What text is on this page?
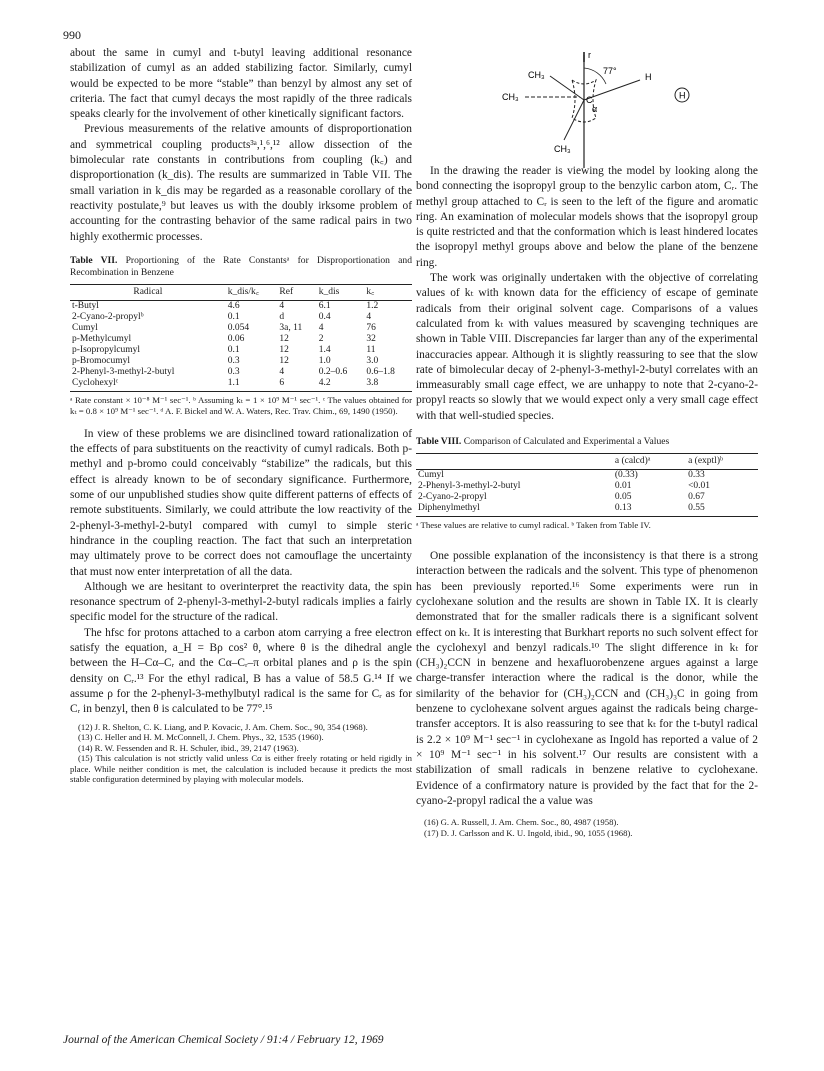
990

about the same in cumyl and t-butyl leaving additional resonance stabilization of cumyl as an added stabilizing factor. Similarly, cumyl would be expected to be more “stable” than benzyl by almost any set of criteria. The fact that cumyl decays the most rapidly of the three radicals speaks clearly for the involvement of other kinetically significant factors.

Previous measurements of the relative amounts of disproportionation and symmetrical coupling products³ᵃ,¹,⁶,¹² allow dissection of the bimolecular rate constants in contributions from coupling (k꜀) and disproportionation (k_dis). The results are summarized in Table VII. The small variation in k_dis may be regarded as a reasonable corollary of the reactivity postulate,⁹ but leaves us with the doubly irksome problem of accounting for the contrasting behavior of the same radical pairs in two highly exothermic processes.

Table VII. Proportioning of the Rate Constantsᵃ for Disproportionation and Recombination in Benzene
Radical	k_dis/k꜀	Ref	k_dis	k꜀
t-Butyl	4.6	4	6.1	1.2
2-Cyano-2-propylᵇ	0.1	d	0.4	4
Cumyl	0.054	3a, 11	4	76
p-Methylcumyl	0.06	12	2	32
p-Isopropylcumyl	0.1	12	1.4	11
p-Bromocumyl	0.3	12	1.0	3.0
2-Phenyl-3-methyl-2-butyl	0.3	4	0.2–0.6	0.6–1.8
Cyclohexylᶜ	1.1	6	4.2	3.8
ᵃ Rate constant × 10⁻⁸ M⁻¹ sec⁻¹. ᵇ Assuming kₜ = 1 × 10⁹ M⁻¹ sec⁻¹. ᶜ The values obtained for kₜ = 0.8 × 10⁹ M⁻¹ sec⁻¹. ᵈ A. F. Bickel and W. A. Waters, Rec. Trav. Chim., 69, 1490 (1950).

In view of these problems we are disinclined toward rationalization of the effects of para substituents on the reactivity of cumyl radicals. Both p-methyl and p-bromo could conceivably “stabilize” the radicals, but this effect is already known to be of secondary significance. Furthermore, some of our unpublished studies show quite different patterns of effects of remote substituents. Similarly, we could attribute the low reactivity of the 2-phenyl-3-methyl-2-butyl compared with cumyl to simple steric hindrance in the coupling reaction. The fact that such an interpretation may ultimately prove to be correct does not camouflage the uncertainty that must now enter interpretation of all the data.

Although we are hesitant to overinterpret the reactivity data, the spin resonance spectrum of 2-phenyl-3-methyl-2-butyl radicals implies a fairly specific model for the structure of the radical.

The hfsc for protons attached to a carbon atom carrying a free electron satisfy the equation, a_H = Bρ cos² θ, where θ is the dihedral angle between the H–Cα–Cᵣ and the Cα–Cᵣ–π orbital planes and ρ is the spin density on Cᵣ.¹³ For the ethyl radical, B has a value of 58.5 G.¹⁴ If we assume ρ for the 2-phenyl-3-methylbutyl radical is the same for Cᵣ as for Cᵣ in benzyl, then θ is calculated to be 77°.¹⁵

(12) J. R. Shelton, C. K. Liang, and P. Kovacic, J. Am. Chem. Soc., 90, 354 (1968).
(13) C. Heller and H. M. McConnell, J. Chem. Phys., 32, 1535 (1960).
(14) R. W. Fessenden and R. H. Schuler, ibid., 39, 2147 (1963).
(15) This calculation is not strictly valid unless Cα is either freely rotating or held rigidly in place. While neither condition is met, the calculation is included because it predicts the most stable configuration determined by playing with molecular models.
CH₃
CH₃
CH₃
77°
H
r
C
α
H

In the drawing the reader is viewing the model by looking along the bond connecting the isopropyl group to the benzylic carbon atom, Cᵣ. The methyl group attached to Cᵣ is seen to the left of the figure and aromatic ring. An examination of molecular models shows that the isopropyl group is quite restricted and that the conformation which is least hindered locates the isopropyl methyl groups above and below the plane of the benzene ring.

The work was originally undertaken with the objective of correlating values of kₜ with known data for the efficiency of escape of geminate radicals from their original solvent cage. Comparisons of a values calculated from kₜ with values measured by scavenging techniques are shown in Table VIII. Discrepancies far larger than any of the experimental inaccuracies appear. Although it is slightly reassuring to see that the slow rate of bimolecular decay of 2-phenyl-3-methyl-2-butyl correlates with an immeasurably small cage effect, we are unhappy to note that 2-cyano-2-propyl reacts so slowly that we would expect only a very small cage effect with that well-studied species.

Table VIII. Comparison of Calculated and Experimental a Values
	a (calcd)ᵃ	a (exptl)ᵇ
Cumyl	(0.33)	0.33
2-Phenyl-3-methyl-2-butyl	0.01	<0.01
2-Cyano-2-propyl	0.05	0.67
Diphenylmethyl	0.13	0.55
ᵃ These values are relative to cumyl radical. ᵇ Taken from Table IV.

One possible explanation of the inconsistency is that there is a strong interaction between the radicals and the solvent. This type of phenomenon has been previously reported.¹⁶ Some experiments were run in cyclohexane solution and the results are shown in Table IX. It is clearly demonstrated that for the smaller radicals there is a significant solvent effect on kₜ. It is interesting that Burkhart reports no such solvent effect for the cyclohexyl and benzyl radicals.¹⁰ The slight difference in kₜ for (CH₃)₂CCN in benzene and hexafluorobenzene argues against a large charge-transfer interaction where the radical is the donor, while the similarity of the behavior for (CH₃)₂CCN and (CH₃)₃C in going from benzene to cyclohexane solvent argues against the radicals being charge-transfer acceptors. It is also reassuring to see that kₜ for the t-butyl radical is 2.2 × 10⁹ M⁻¹ sec⁻¹ in cyclohexane as Ingold has reported a value of 2 × 10⁹ M⁻¹ sec⁻¹ in his solvent.¹⁷ Our results are consistent with a stabilization of small radicals in benzene relative to cyclohexane. Evidence of a confirmatory nature is provided by the fact that for the 2-cyano-2-propyl radical the a value was

(16) G. A. Russell, J. Am. Chem. Soc., 80, 4987 (1958).
(17) D. J. Carlsson and K. U. Ingold, ibid., 90, 1055 (1968).
Journal of the American Chemical Society / 91:4 / February 12, 1969
